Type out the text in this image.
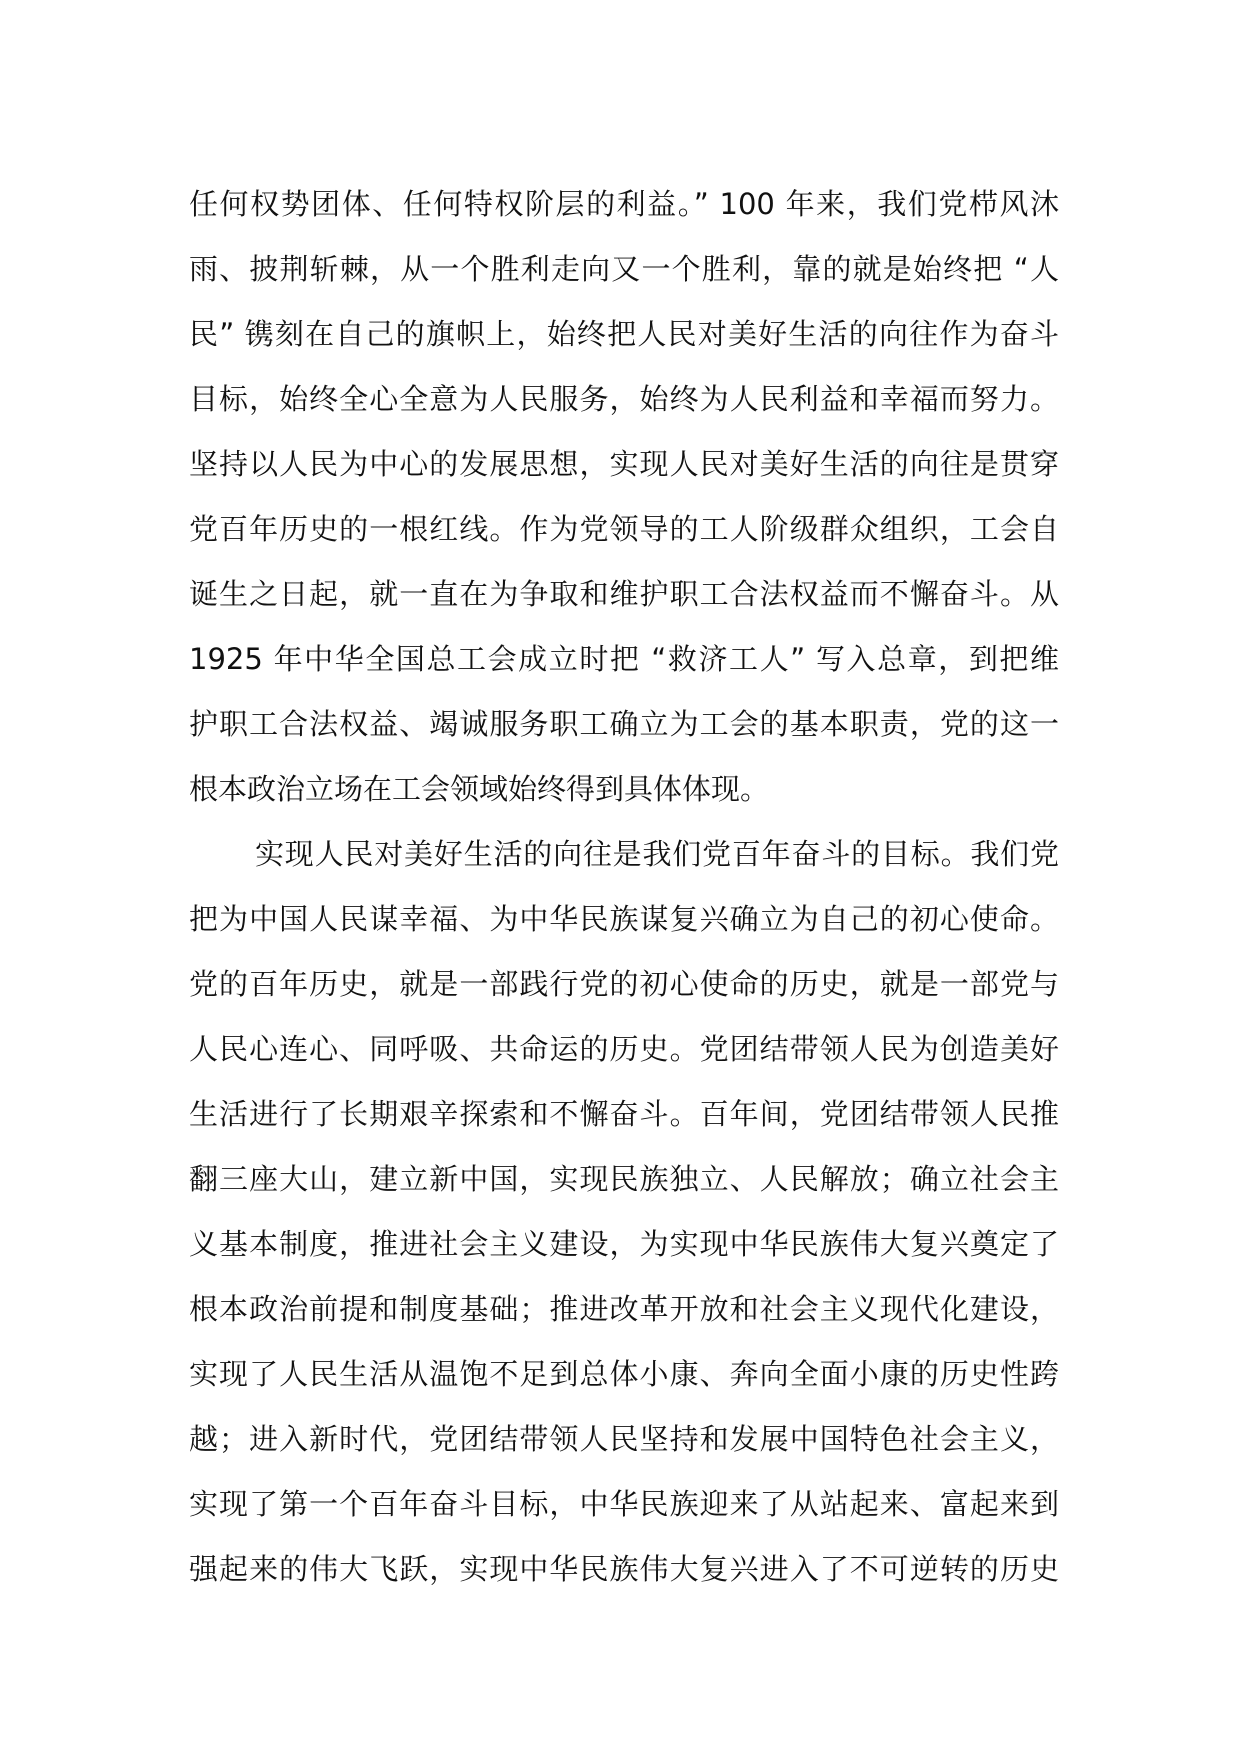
任何权势团体、任何特权阶层的利益。” 100 年来，我们党栉风沐
雨、披荆斩棘，从一个胜利走向又一个胜利，靠的就是始终把 “人
民” 镌刻在自己的旗帜上，始终把人民对美好生活的向往作为奋斗
目标，始终全心全意为人民服务，始终为人民利益和幸福而努力。
坚持以人民为中心的发展思想，实现人民对美好生活的向往是贯穿
党百年历史的一根红线。作为党领导的工人阶级群众组织，工会自
诞生之日起，就一直在为争取和维护职工合法权益而不懈奋斗。从
1925 年中华全国总工会成立时把 “救济工人” 写入总章，到把维
护职工合法权益、竭诚服务职工确立为工会的基本职责，党的这一
根本政治立场在工会领域始终得到具体体现。
实现人民对美好生活的向往是我们党百年奋斗的目标。我们党
把为中国人民谋幸福、为中华民族谋复兴确立为自己的初心使命。
党的百年历史，就是一部践行党的初心使命的历史，就是一部党与
人民心连心、同呼吸、共命运的历史。党团结带领人民为创造美好
生活进行了长期艰辛探索和不懈奋斗。百年间，党团结带领人民推
翻三座大山，建立新中国，实现民族独立、人民解放；确立社会主
义基本制度，推进社会主义建设，为实现中华民族伟大复兴奠定了
根本政治前提和制度基础；推进改革开放和社会主义现代化建设，
实现了人民生活从温饱不足到总体小康、奔向全面小康的历史性跨
越；进入新时代，党团结带领人民坚持和发展中国特色社会主义，
实现了第一个百年奋斗目标，中华民族迎来了从站起来、富起来到
强起来的伟大飞跃，实现中华民族伟大复兴进入了不可逆转的历史
